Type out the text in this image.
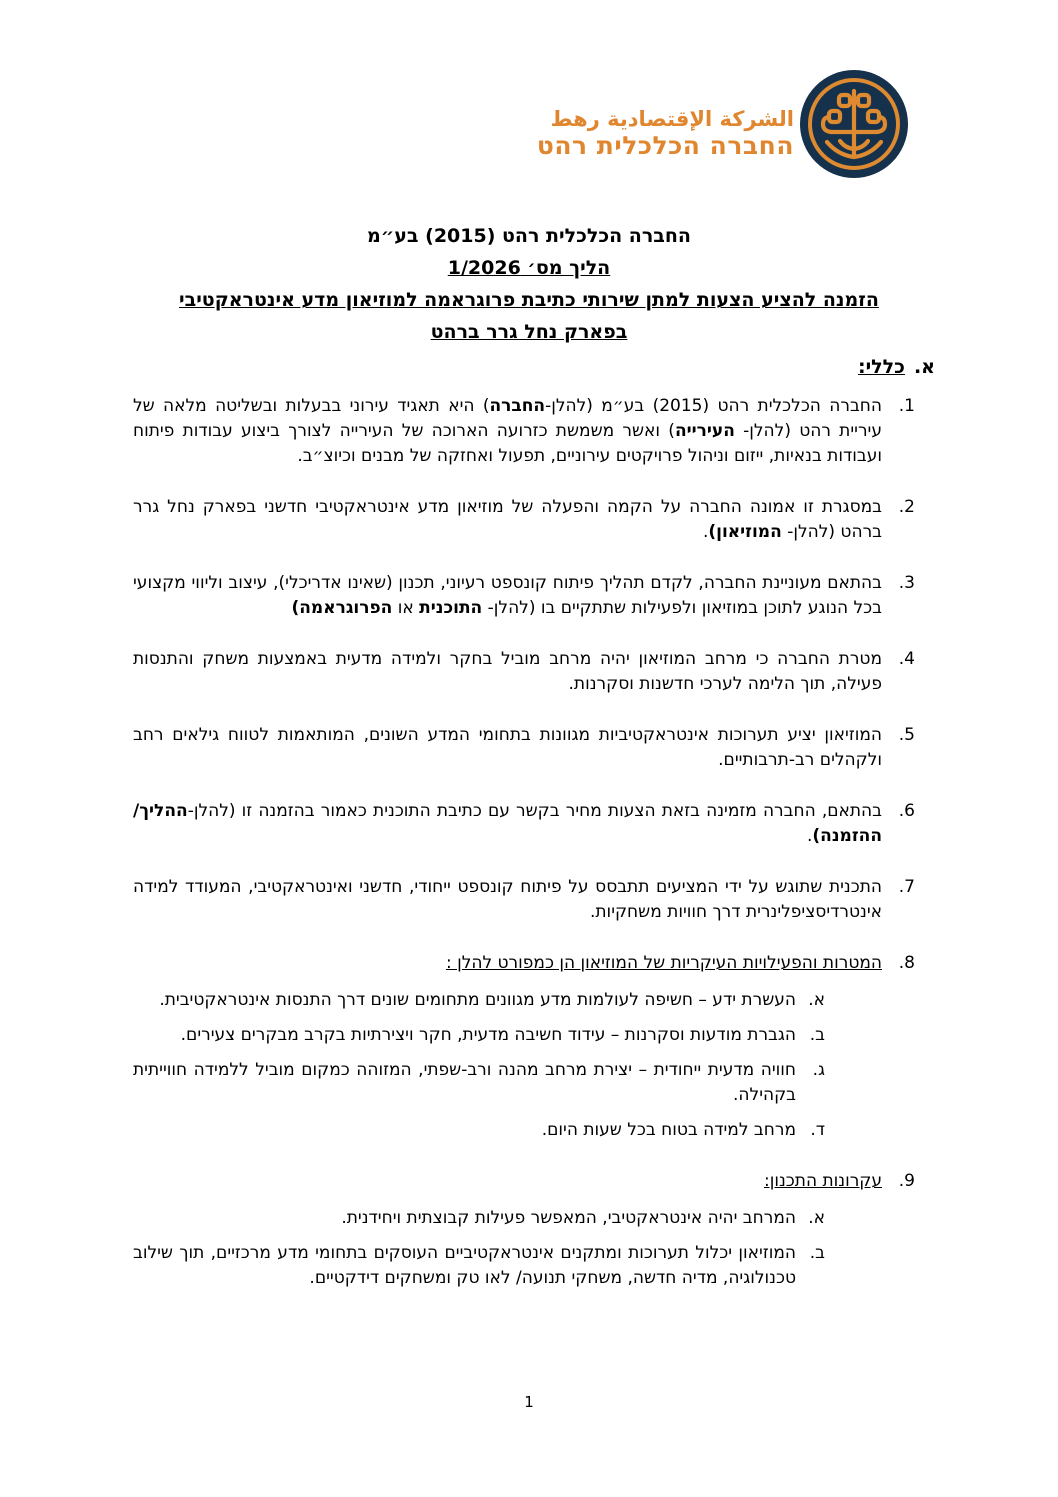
الشركة الإقتصادية رهط
החברה הכלכלית רהט
החברה הכלכלית רהט (2015) בע״מ
הליך מס׳ 1/2026
הזמנה להציע הצעות למתן שירותי כתיבת פרוגראמה למוזיאון מדע אינטראקטיבי
בפארק נחל גרר ברהט
א.כללי:
.1
החברה הכלכלית רהט (2015) בע״מ (להלן-החברה) היא תאגיד עירוני בבעלות ובשליטה מלאה של עיריית רהט (להלן- העירייה) ואשר משמשת כזרועה הארוכה של העירייה לצורך ביצוע עבודות פיתוח ועבודות בנאיות, ייזום וניהול פרויקטים עירוניים, תפעול ואחזקה של מבנים וכיוצ״ב.
.2
במסגרת זו אמונה החברה על הקמה והפעלה של מוזיאון מדע אינטראקטיבי חדשני בפארק נחל גרר ברהט (להלן- המוזיאון).
.3
בהתאם מעוניינת החברה, לקדם תהליך פיתוח קונספט רעיוני, תכנון (שאינו אדריכלי), עיצוב וליווי מקצועי בכל הנוגע לתוכן במוזיאון ולפעילות שתתקיים בו (להלן- התוכנית או הפרוגראמה)
.4
מטרת החברה כי מרחב המוזיאון יהיה מרחב מוביל בחקר ולמידה מדעית באמצעות משחק והתנסות פעילה, תוך הלימה לערכי חדשנות וסקרנות.
.5
המוזיאון יציע תערוכות אינטראקטיביות מגוונות בתחומי המדע השונים, המותאמות לטווח גילאים רחב ולקהלים רב-תרבותיים.
.6
בהתאם, החברה מזמינה בזאת הצעות מחיר בקשר עם כתיבת התוכנית כאמור בהזמנה זו (להלן-ההליך/ ההזמנה).
.7
התכנית שתוגש על ידי המציעים תתבסס על פיתוח קונספט ייחודי, חדשני ואינטראקטיבי, המעודד למידה אינטרדיסציפלינרית דרך חוויות משחקיות.
.8
המטרות והפעילויות העיקריות של המוזיאון הן כמפורט להלן :
א.
העשרת ידע – חשיפה לעולמות מדע מגוונים מתחומים שונים דרך התנסות אינטראקטיבית.
ב.
הגברת מודעות וסקרנות – עידוד חשיבה מדעית, חקר ויצירתיות בקרב מבקרים צעירים.
ג.
חוויה מדעית ייחודית – יצירת מרחב מהנה ורב-שפתי, המזוהה כמקום מוביל ללמידה חווייתית בקהילה.
ד.
מרחב למידה בטוח בכל שעות היום.
.9
עקרונות התכנון:
א.
המרחב יהיה אינטראקטיבי, המאפשר פעילות קבוצתית ויחידנית.
ב.
המוזיאון יכלול תערוכות ומתקנים אינטראקטיביים העוסקים בתחומי מדע מרכזיים, תוך שילוב טכנולוגיה, מדיה חדשה, משחקי תנועה/ לאו טק ומשחקים דידקטיים.
1
